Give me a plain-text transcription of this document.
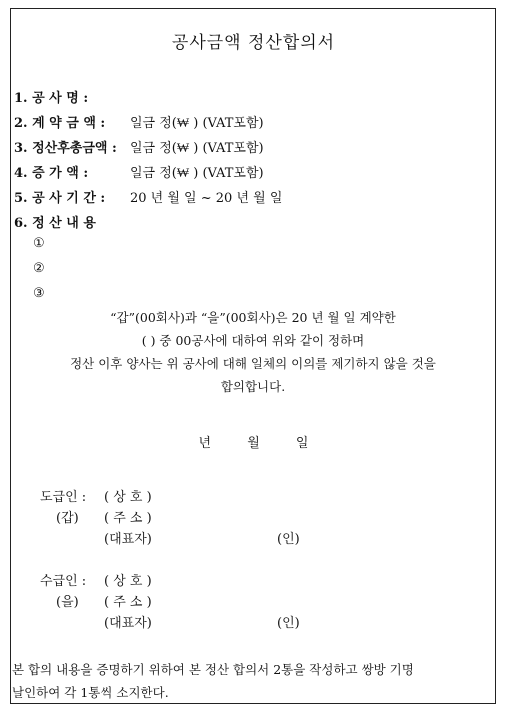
공사금액 정산합의서
1. 공 사 명 :
2. 계 약 금 액 : 일금 정(₩ ) (VAT포함)
3. 정산후총금액 : 일금 정(₩ ) (VAT포함)
4. 증 가 액 :	일금 정(₩ ) (VAT포함)
5. 공 사 기 간 : 20 년 월 일 ~ 20 년 월 일
6. 정 산 내 용
①
②
③
“갑”(00회사)과 “을”(00회사)은 20 년 월 일 계약한
( ) 중 00공사에 대하여 위와 같이 정하며
정산 이후 양사는 위 공사에 대해 일체의 이의를 제기하지 않을 것을
합의합니다.
년 월 일
도급인 : ( 상 호 )
(갑) ( 주 소 )
(대표자)	(인)
수급인 : ( 상 호 )
(을) ( 주 소 )
(대표자)	(인)
본 합의 내용을 증명하기 위하여 본 정산 합의서 2통을 작성하고 쌍방 기명
날인하여 각 1통씩 소지한다.
